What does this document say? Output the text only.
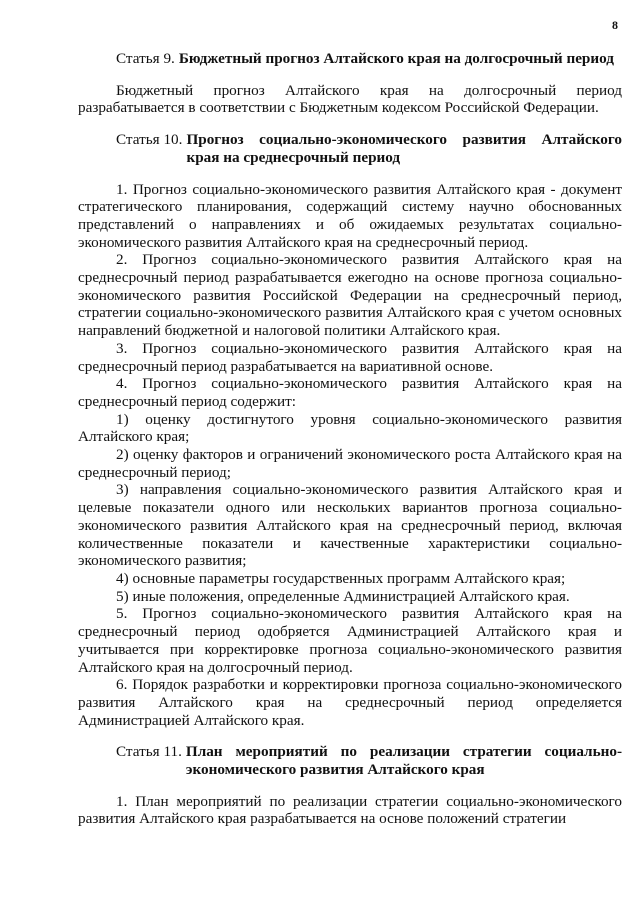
8
Статья 9. Бюджетный прогноз Алтайского края на долгосрочный период

Бюджетный прогноз Алтайского края на долгосрочный период разрабатывается в соответствии с Бюджетным кодексом Российской Федерации.

Статья 10. Прогноз социально-экономического развития Алтайского края на среднесрочный период

1. Прогноз социально-экономического развития Алтайского края - документ стратегического планирования, содержащий систему научно обоснованных представлений о направлениях и об ожидаемых результатах социально-экономического развития Алтайского края на среднесрочный период.

2. Прогноз социально-экономического развития Алтайского края на среднесрочный период разрабатывается ежегодно на основе прогноза социально-экономического развития Российской Федерации на среднесрочный период, стратегии социально-экономического развития Алтайского края с учетом основных направлений бюджетной и налоговой политики Алтайского края.

3. Прогноз социально-экономического развития Алтайского края на среднесрочный период разрабатывается на вариативной основе.

4. Прогноз социально-экономического развития Алтайского края на среднесрочный период содержит:

1) оценку достигнутого уровня социально-экономического развития Алтайского края;

2) оценку факторов и ограничений экономического роста Алтайского края на среднесрочный период;

3) направления социально-экономического развития Алтайского края и целевые показатели одного или нескольких вариантов прогноза социально-экономического развития Алтайского края на среднесрочный период, включая количественные показатели и качественные характеристики социально-экономического развития;

4) основные параметры государственных программ Алтайского края;

5) иные положения, определенные Администрацией Алтайского края.

5. Прогноз социально-экономического развития Алтайского края на среднесрочный период одобряется Администрацией Алтайского края и учитывается при корректировке прогноза социально-экономического развития Алтайского края на долгосрочный период.

6. Порядок разработки и корректировки прогноза социально-экономического развития Алтайского края на среднесрочный период определяется Администрацией Алтайского края.

Статья 11. План мероприятий по реализации стратегии социально-экономического развития Алтайского края

1. План мероприятий по реализации стратегии социально-экономического развития Алтайского края разрабатывается на основе положений стратегии
